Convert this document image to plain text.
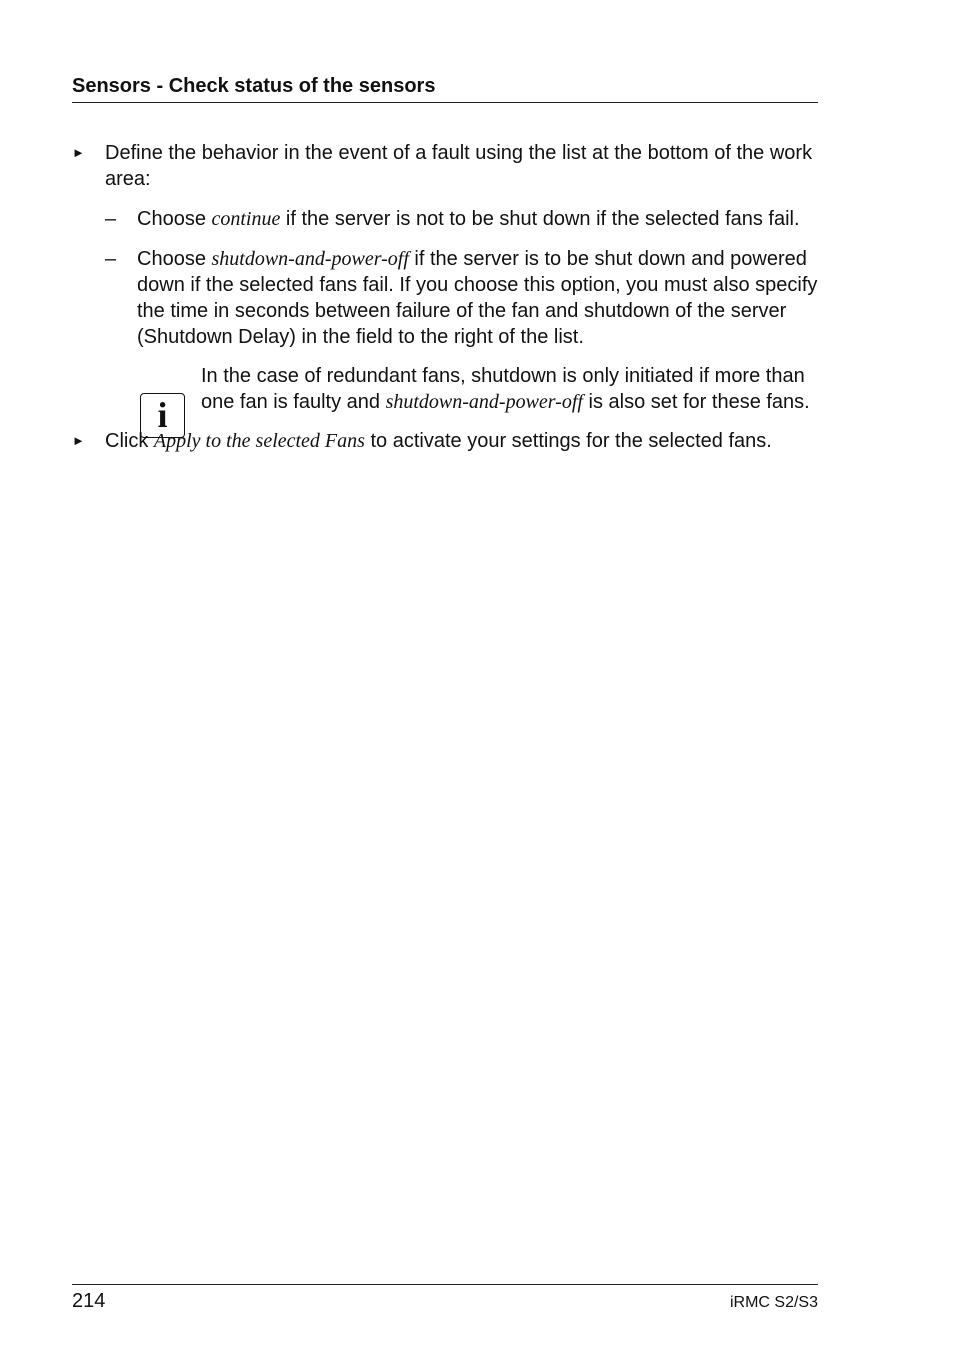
Sensors - Check status of the sensors
► Define the behavior in the event of a fault using the list at the bottom of the work area:
– Choose continue if the server is not to be shut down if the selected fans fail.
– Choose shutdown-and-power-off if the server is to be shut down and powered down if the selected fans fail. If you choose this option, you must also specify the time in seconds between failure of the fan and shutdown of the server (Shutdown Delay) in the field to the right of the list.
In the case of redundant fans, shutdown is only initiated if more than one fan is faulty and shutdown-and-power-off is also set for these fans.
i
► Click Apply to the selected Fans to activate your settings for the selected fans.
214	iRMC S2/S3
